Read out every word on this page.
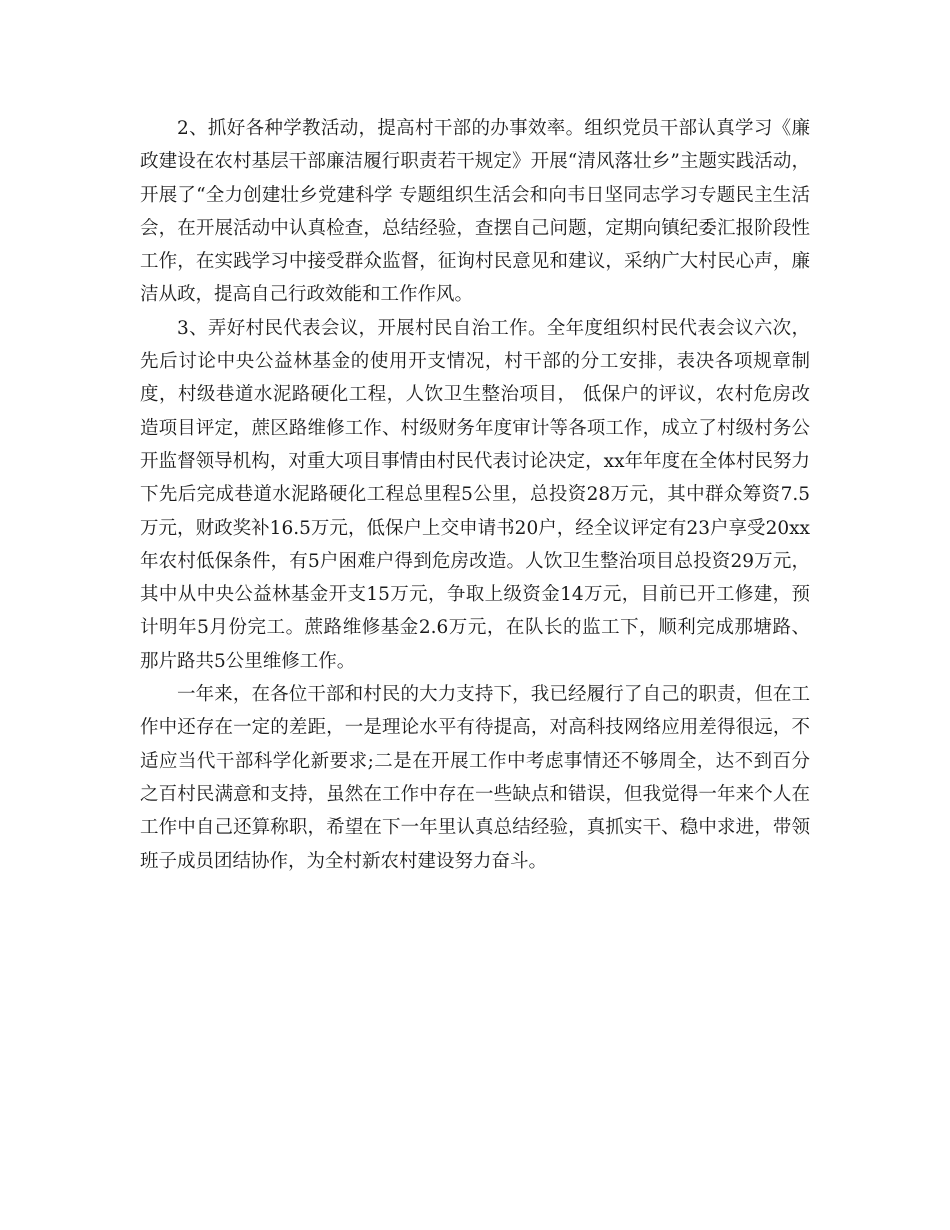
2、抓好各种学教活动，提高村干部的办事效率。组织党员干部认真学习《廉政建设在农村基层干部廉洁履行职责若干规定》开展“清风落壮乡”主题实践活动，开展了“全力创建壮乡党建科学 专题组织生活会和向韦日坚同志学习专题民主生活会，在开展活动中认真检查，总结经验，查摆自己问题，定期向镇纪委汇报阶段性工作，在实践学习中接受群众监督，征询村民意见和建议，采纳广大村民心声，廉洁从政，提高自己行政效能和工作作风。

3、弄好村民代表会议，开展村民自治工作。全年度组织村民代表会议六次，先后讨论中央公益林基金的使用开支情况，村干部的分工安排，表决各项规章制度，村级巷道水泥路硬化工程，人饮卫生整治项目， 低保户的评议，农村危房改造项目评定，蔗区路维修工作、村级财务年度审计等各项工作，成立了村级村务公开监督领导机构，对重大项目事情由村民代表讨论决定，xx年年度在全体村民努力下先后完成巷道水泥路硬化工程总里程5公里，总投资28万元，其中群众筹资7.5万元，财政奖补16.5万元，低保户上交申请书20户，经全议评定有23户享受20xx年农村低保条件，有5户困难户得到危房改造。人饮卫生整治项目总投资29万元，其中从中央公益林基金开支15万元，争取上级资金14万元，目前已开工修建，预计明年5月份完工。蔗路维修基金2.6万元，在队长的监工下，顺利完成那塘路、那片路共5公里维修工作。

一年来，在各位干部和村民的大力支持下，我已经履行了自己的职责，但在工作中还存在一定的差距，一是理论水平有待提高，对高科技网络应用差得很远，不适应当代干部科学化新要求;二是在开展工作中考虑事情还不够周全，达不到百分之百村民满意和支持，虽然在工作中存在一些缺点和错误，但我觉得一年来个人在工作中自己还算称职，希望在下一年里认真总结经验，真抓实干、稳中求进，带领班子成员团结协作，为全村新农村建设努力奋斗。
